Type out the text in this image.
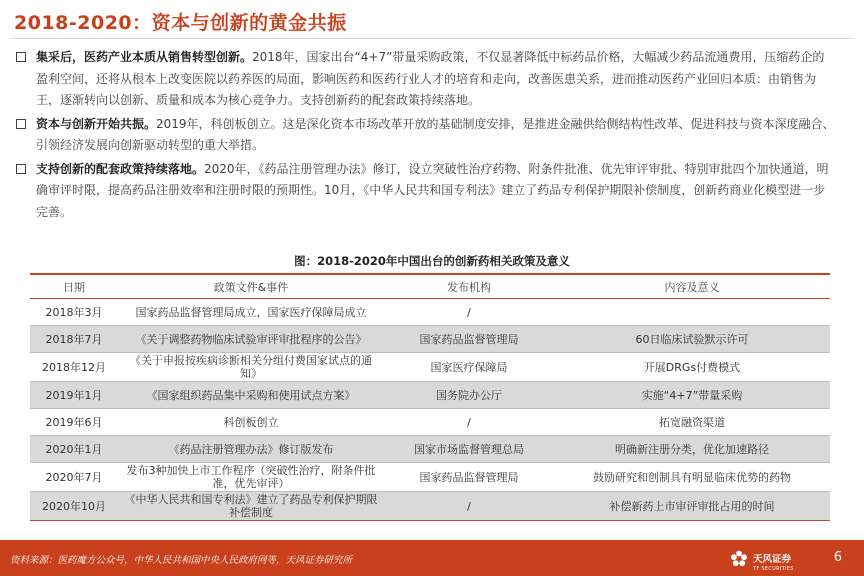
2018-2020：资本与创新的黄金共振
集采后，医药产业本质从销售转型创新。2018年，国家出台“4+7”带量采购政策，不仅显著降低中标药品价格，大幅减少药品流通费用，压缩药企的盈利空间，还将从根本上改变医院以药养医的局面，影响医药和医药行业人才的培育和走向，改善医患关系，进而推动医药产业回归本质：由销售为王，逐渐转向以创新、质量和成本为核心竞争力。支持创新药的配套政策持续落地。
资本与创新开始共振。2019年，科创板创立。这是深化资本市场改革开放的基础制度安排，是推进金融供给侧结构性改革、促进科技与资本深度融合、引领经济发展向创新驱动转型的重大举措。
支持创新的配套政策持续落地。2020年，《药品注册管理办法》修订，设立突破性治疗药物、附条件批准、优先审评审批、特别审批四个加快通道，明确审评时限，提高药品注册效率和注册时限的预期性。10月，《中华人民共和国专利法》建立了药品专利保护期限补偿制度，创新药商业化模型进一步完善。
图：2018-2020年中国出台的创新药相关政策及意义
日期	政策文件&事件	发布机构	内容及意义
2018年3月	国家药品监督管理局成立，国家医疗保障局成立	/	
2018年7月	《关于调整药物临床试验审评审批程序的公告》	国家药品监督管理局	60日临床试验默示许可
2018年12月	《关于申报按疾病诊断相关分组付费国家试点的通知》	国家医疗保障局	开展DRGs付费模式
2019年1月	《国家组织药品集中采购和使用试点方案》	国务院办公厅	实施“4+7”带量采购
2019年6月	科创板创立	/	拓宽融资渠道
2020年1月	《药品注册管理办法》修订版发布	国家市场监督管理总局	明确新注册分类，优化加速路径
2020年7月	发布3种加快上市工作程序（突破性治疗，附条件批准，优先审评）	国家药品监督管理局	鼓励研究和创制具有明显临床优势的药物
2020年10月	《中华人民共和国专利法》建立了药品专利保护期限补偿制度	/	补偿新药上市审评审批占用的时间
资料来源：医药魔方公众号，中华人民共和国中央人民政府网等，天风证券研究所	天风证券
TF SECURITIES
6
